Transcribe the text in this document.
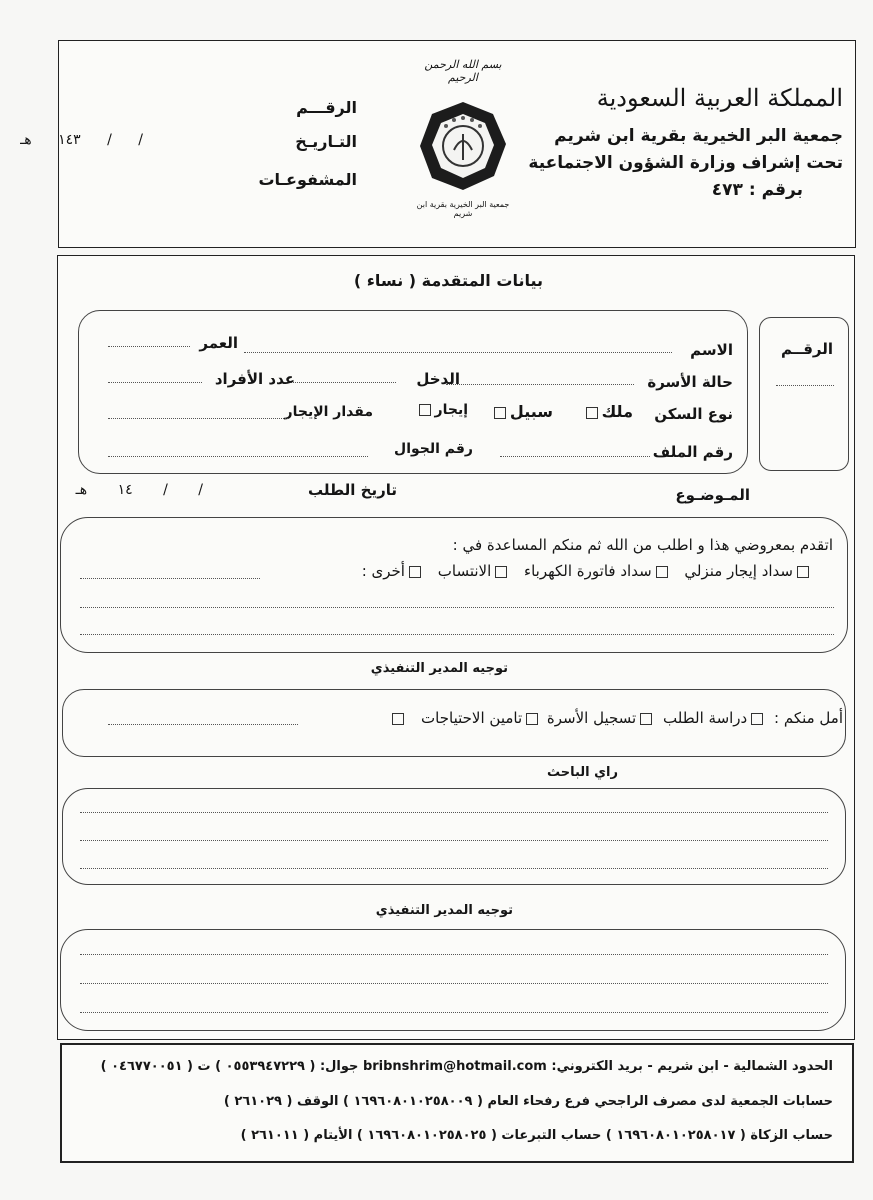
المملكة العربية السعودية
جمعية البر الخيرية بقرية ابن شريم
تحت إشراف وزارة الشؤون الاجتماعية
برقم : ٤٧٣
بسم الله الرحمن الرحيم
جمعية البر الخيرية بقرية ابن شريم
الرقـــم
التـاريـخ
/ / ١٤٣ هـ
المشفوعـات
بيانات المتقدمة ( نساء )
الرقــم
الاسم
العمر
حالة الأسرة
الدخل
عدد الأفراد
نوع السكن
ملك
سبيل
إيجار
مقدار الإيجار
رقم الملف
رقم الجوال
المـوضـوع
تاريخ الطلب
/ / ١٤ هـ
اتقدم بمعروضي هذا و اطلب من الله ثم منكم المساعدة في :
سداد إيجار منزلي سداد فاتورة الكهرباء الانتساب أخرى :
توجيه المدير التنفيذي
أمل منكم : دراسة الطلب تسجيل الأسرة تامين الاحتياجات
راي الباحث
توجيه المدير التنفيذي
الحدود الشمالية - ابن شريم - بريد الكتروني: bribnshrim@hotmail.com جوال: ( ٠٥٥٣٩٤٧٢٢٩ ) ت ( ٠٤٦٧٧٠٠٥١ )
حسابات الجمعية لدى مصرف الراجحي فرع رفحاء العام ( ١٦٩٦٠٨٠١٠٢٥٨٠٠٩ ) الوقف ( ٢٦١٠٢٩ )
حساب الزكاة ( ١٦٩٦٠٨٠١٠٢٥٨٠١٧ ) حساب التبرعات ( ١٦٩٦٠٨٠١٠٢٥٨٠٢٥ ) الأيتام ( ٢٦١٠١١ )
